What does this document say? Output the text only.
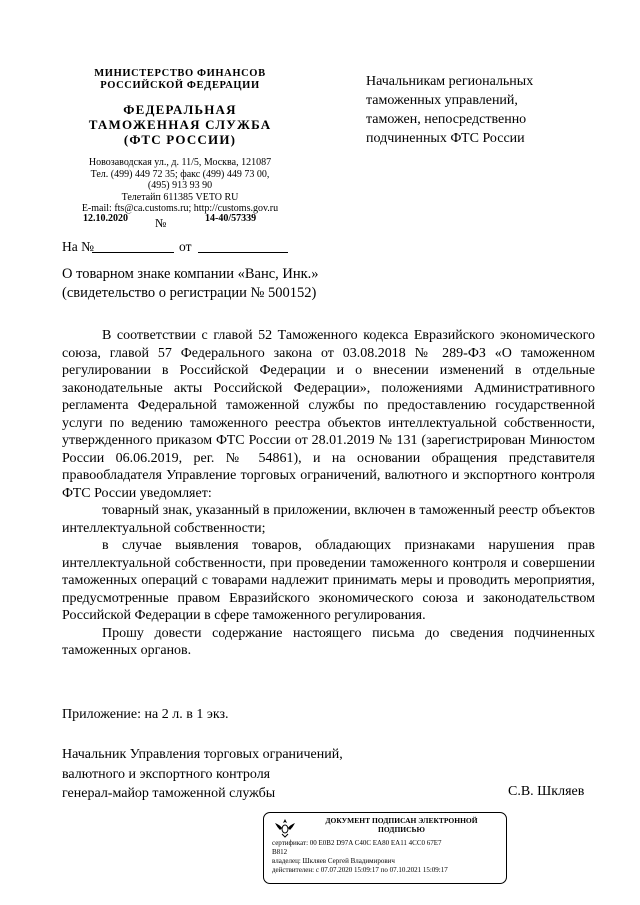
МИНИСТЕРСТВО ФИНАНСОВ
РОССИЙСКОЙ ФЕДЕРАЦИИ
ФЕДЕРАЛЬНАЯ
ТАМОЖЕННАЯ СЛУЖБА
(ФТС РОССИИ)
Новозаводская ул., д. 11/5, Москва, 121087
Тел. (499) 449 72 35; факс (499) 449 73 00,
(495) 913 93 90
Телетайп 611385 VETO RU
E-mail: fts@ca.customs.ru; http://customs.gov.ru
12.10.2020 №	14-40/57339
На №	от
Начальникам региональных
таможенных управлений,
таможен, непосредственно
подчиненных ФТС России
О товарном знаке компании «Ванс, Инк.»
(свидетельство о регистрации № 500152)

В соответствии с главой 52 Таможенного кодекса Евразийского экономического союза, главой 57 Федерального закона от 03.08.2018 № 289-ФЗ «О таможенном регулировании в Российской Федерации и о внесении изменений в отдельные законодательные акты Российской Федерации», положениями Административного регламента Федеральной таможенной службы по предоставлению государственной услуги по ведению таможенного реестра объектов интеллектуальной собственности, утвержденного приказом ФТС России от 28.01.2019 № 131 (зарегистрирован Минюстом России 06.06.2019, рег. № 54861), и на основании обращения представителя правообладателя Управление торговых ограничений, валютного и экспортного контроля ФТС России уведомляет:

товарный знак, указанный в приложении, включен в таможенный реестр объектов интеллектуальной собственности;

в случае выявления товаров, обладающих признаками нарушения прав интеллектуальной собственности, при проведении таможенного контроля и совершении таможенных операций с товарами надлежит принимать меры и проводить мероприятия, предусмотренные правом Евразийского экономического союза и законодательством Российской Федерации в сфере таможенного регулирования.

Прошу довести содержание настоящего письма до сведения подчиненных таможенных органов.

Приложение: на 2 л. в 1 экз.
Начальник Управления торговых ограничений,
валютного и экспортного контроля
генерал-майор таможенной службы	С.В. Шкляев
ДОКУМЕНТ ПОДПИСАН ЭЛЕКТРОННОЙ
ПОДПИСЬЮ
сертификат: 00 E0B2 D97A C40C EA80 EA11 4CC0 67E7
B812
владелец: Шкляев Сергей Владимирович
действителен: с 07.07.2020 15:09:17 по 07.10.2021 15:09:17
